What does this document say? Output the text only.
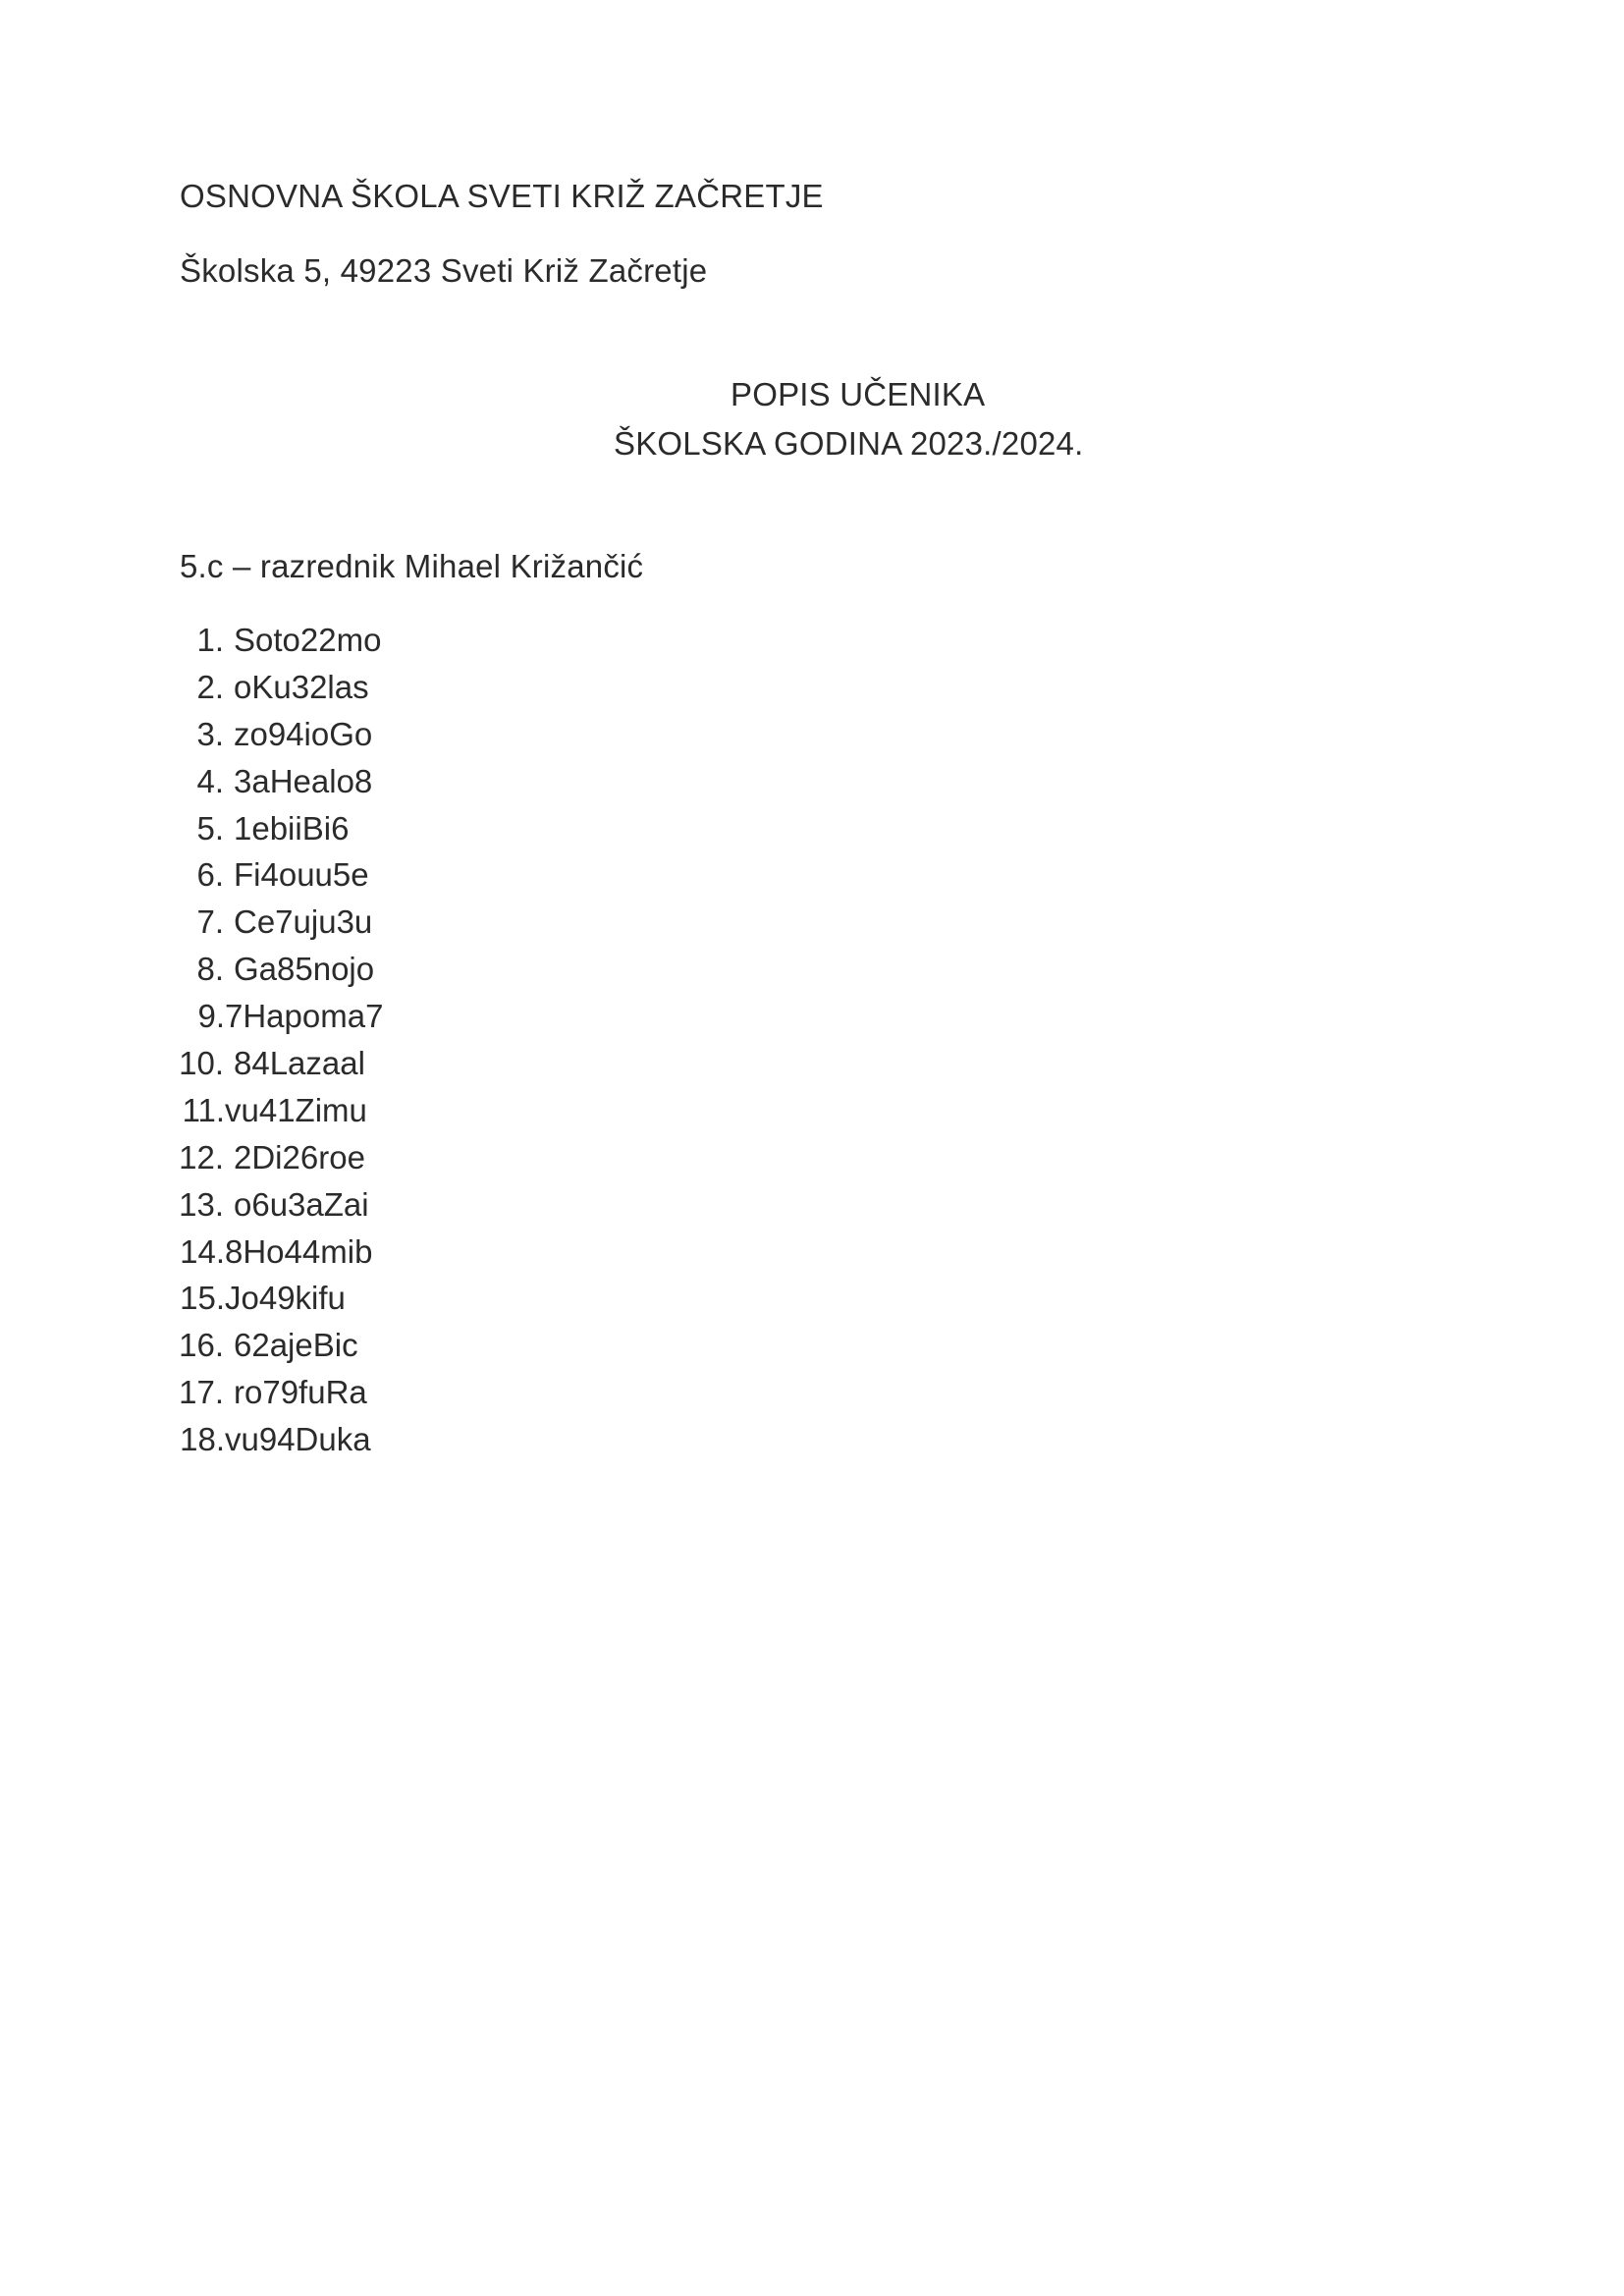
OSNOVNA ŠKOLA SVETI KRIŽ ZAČRETJE
Školska 5, 49223 Sveti Križ Začretje
POPIS UČENIKA
ŠKOLSKA GODINA 2023./2024.
5.c – razrednik Mihael Križančić
1. Soto22mo
2. oKu32las
3. zo94ioGo
4. 3aHealo8
5. 1ebiiBi6
6. Fi4ouu5e
7. Ce7uju3u
8. Ga85nojo
9. 7Hapoma7
10. 84Lazaal
11. vu41Zimu
12. 2Di26roe
13. o6u3aZai
14. 8Ho44mib
15. Jo49kifu
16. 62ajeBic
17. ro79fuRa
18. vu94Duka
